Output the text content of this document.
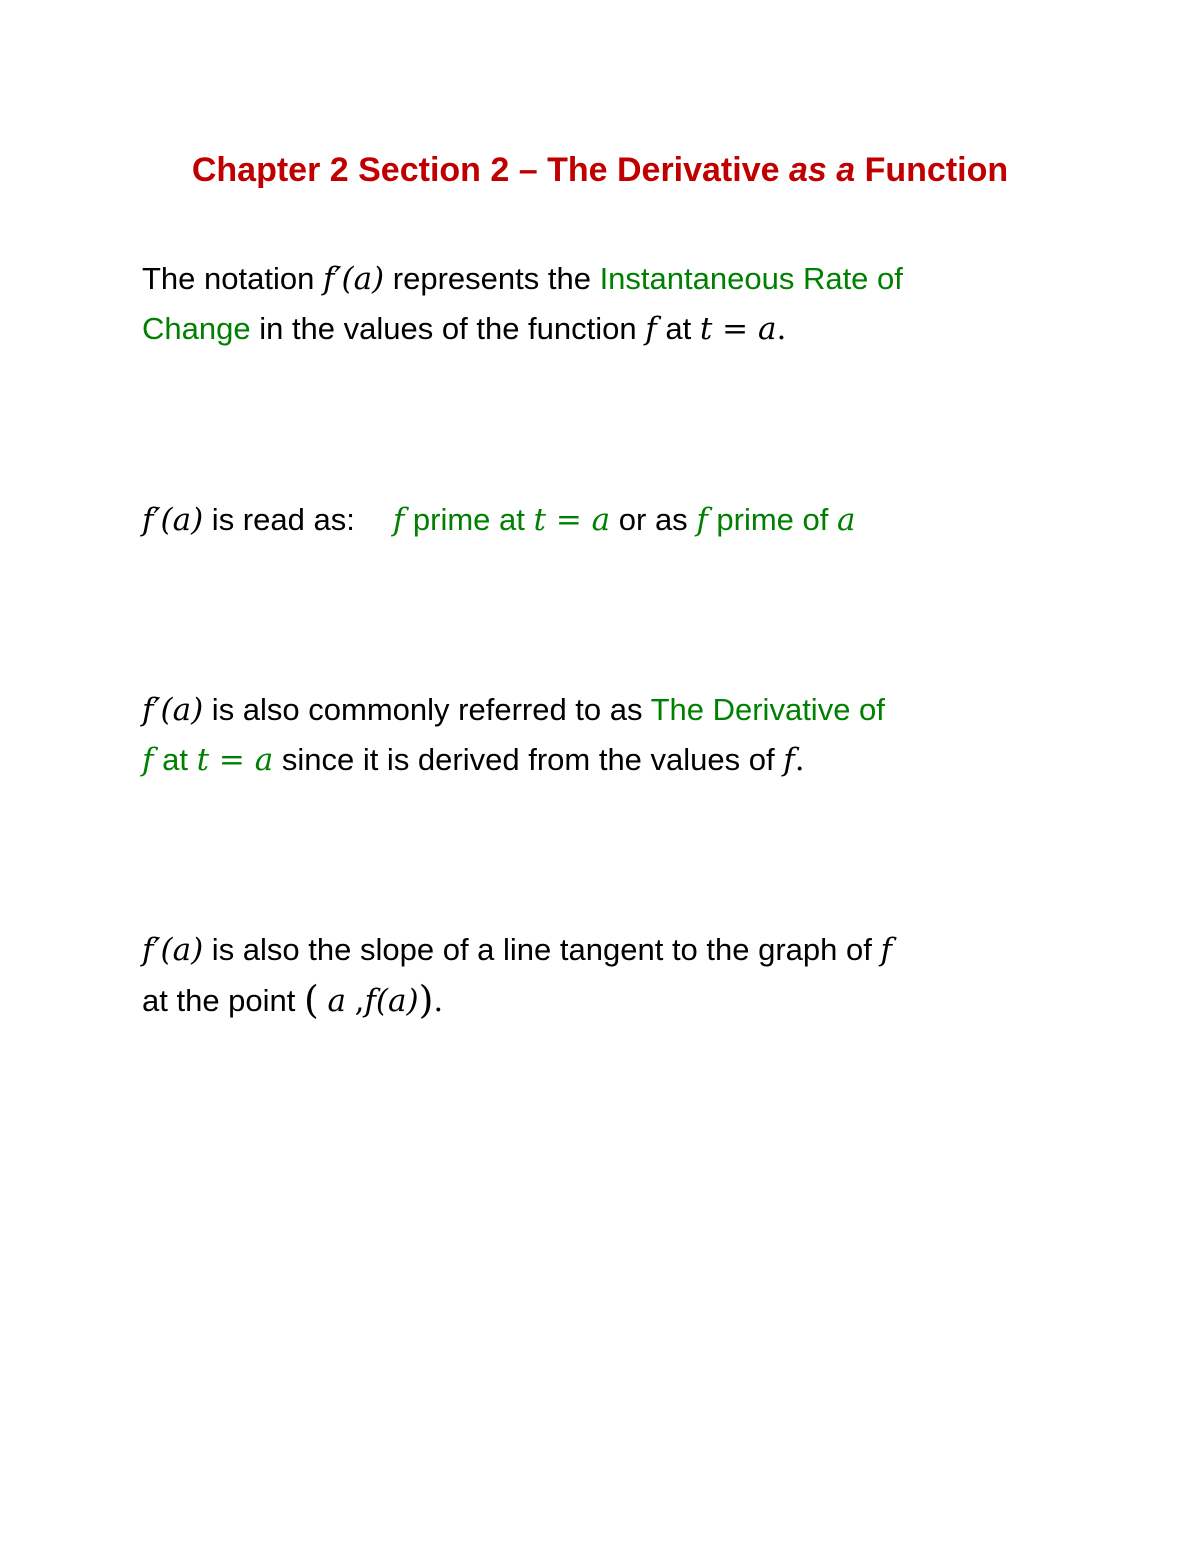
Chapter 2 Section 2 – The Derivative as a Function
The notation f′(a) represents the Instantaneous Rate of
Change in the values of the function f at t = a.
f′(a) is read as: f prime at t = a or as f prime of a
f′(a) is also commonly referred to as The Derivative of
f at t = a since it is derived from the values of f.
f′(a) is also the slope of a line tangent to the graph of f
at the point ( a ,f(a)).
